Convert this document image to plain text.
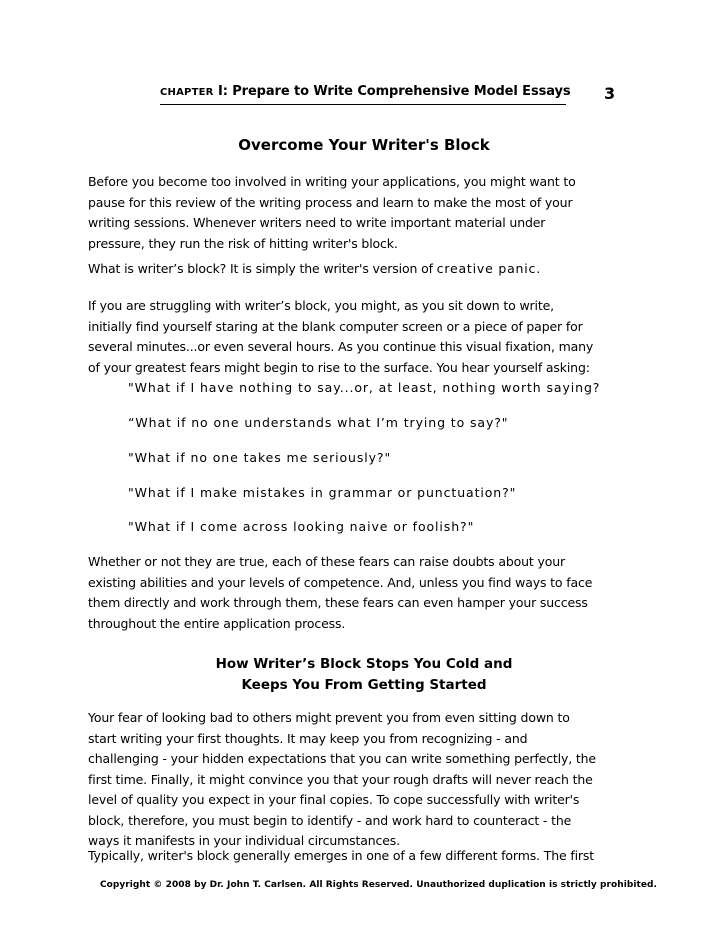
CHAPTER I: Prepare to Write Comprehensive Model Essays 3
Overcome Your Writer's Block

Before you become too involved in writing your applications, you might want to
pause for this review of the writing process and learn to make the most of your
writing sessions. Whenever writers need to write important material under
pressure, they run the risk of hitting writer's block.

What is writer’s block? It is simply the writer's version of creative panic.

If you are struggling with writer’s block, you might, as you sit down to write,
initially find yourself staring at the blank computer screen or a piece of paper for
several minutes...or even several hours. As you continue this visual fixation, many
of your greatest fears might begin to rise to the surface. You hear yourself asking:

"What if I have nothing to say...or, at least, nothing worth saying?

“What if no one understands what I’m trying to say?"

"What if no one takes me seriously?"

"What if I make mistakes in grammar or punctuation?"

"What if I come across looking naive or foolish?"

Whether or not they are true, each of these fears can raise doubts about your
existing abilities and your levels of competence. And, unless you find ways to face
them directly and work through them, these fears can even hamper your success
throughout the entire application process.

How Writer’s Block Stops You Cold and
Keeps You From Getting Started

Your fear of looking bad to others might prevent you from even sitting down to
start writing your first thoughts. It may keep you from recognizing - and
challenging - your hidden expectations that you can write something perfectly, the
first time. Finally, it might convince you that your rough drafts will never reach the
level of quality you expect in your final copies. To cope successfully with writer's
block, therefore, you must begin to identify - and work hard to counteract - the
ways it manifests in your individual circumstances.

Typically, writer's block generally emerges in one of a few different forms. The first

Copyright © 2008 by Dr. John T. Carlsen. All Rights Reserved. Unauthorized duplication is strictly prohibited.
